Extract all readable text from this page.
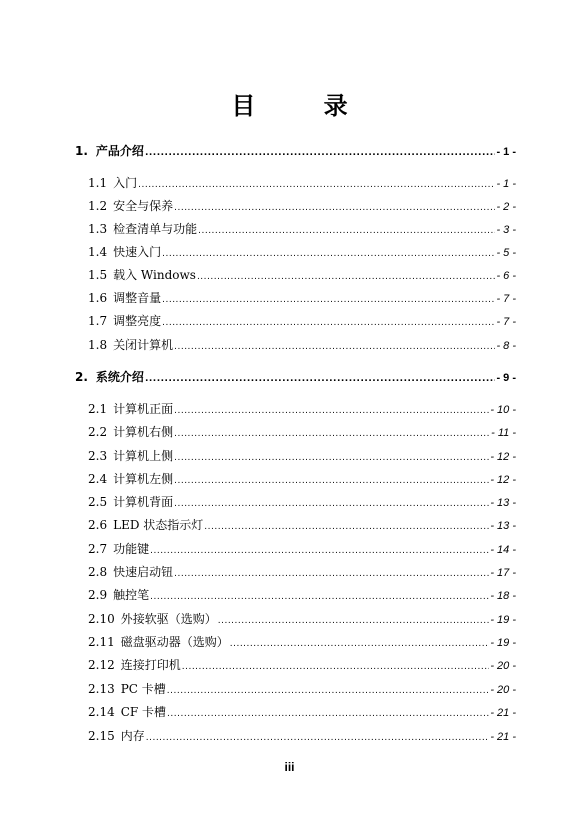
目 录
1. 产品介绍 .....	- 1 -
1.1 入门 .....	- 1 -
1.2 安全与保养 .....	- 2 -
1.3 检查清单与功能 .....	- 3 -
1.4 快速入门 .....	- 5 -
1.5 载入 Windows .....	- 6 -
1.6 调整音量 .....	- 7 -
1.7 调整亮度 .....	- 7 -
1.8 关闭计算机 .....	- 8 -
2. 系统介绍 .....	- 9 -
2.1 计算机正面 .....	- 10 -
2.2 计算机右侧 .....	- 11 -
2.3 计算机上侧 .....	- 12 -
2.4 计算机左侧 .....	- 12 -
2.5 计算机背面 .....	- 13 -
2.6 LED 状态指示灯 .....	- 13 -
2.7 功能键 .....	- 14 -
2.8 快速启动钮 .....	- 17 -
2.9 触控笔 .....	- 18 -
2.10 外接软驱（选购） .....	- 19 -
2.11 磁盘驱动器（选购） .....	- 19 -
2.12 连接打印机 .....	- 20 -
2.13 PC 卡槽 .....	- 20 -
2.14 CF 卡槽 .....	- 21 -
2.15 内存 .....	- 21 -
iii
